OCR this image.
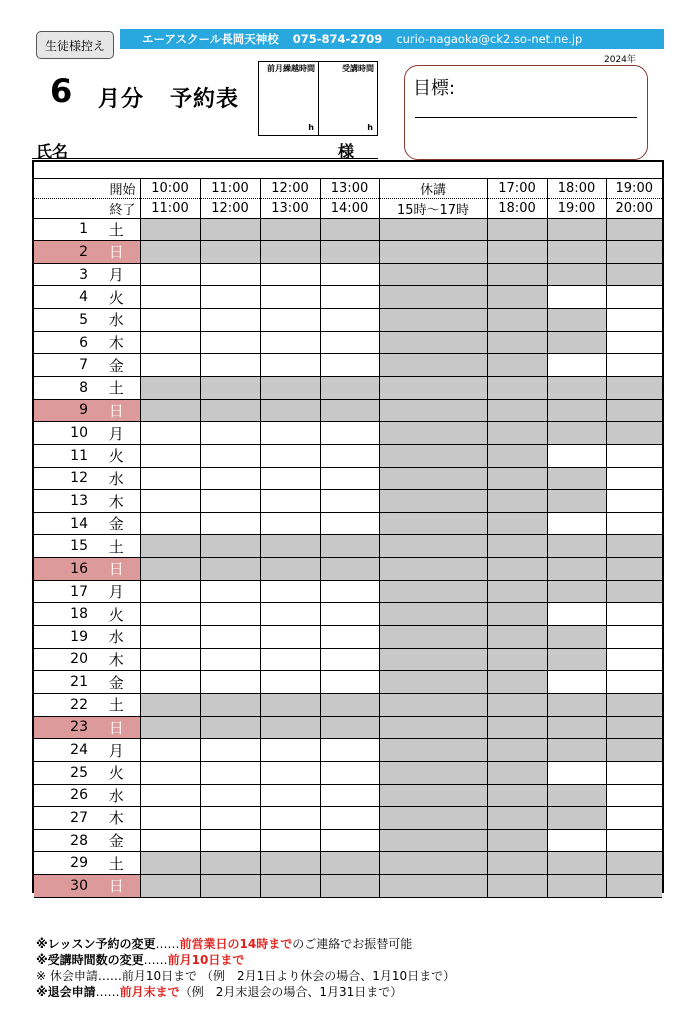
生徒様控え	エーアスクール長岡天神校 075-874-2709 curio-nagaoka@ck2.so-net.ne.jp
2024年
6 月分 予約表
前月繰越時間
h
受講時間
h
目標:
氏名	様

	開始	10:00	11:00	12:00	13:00	休講	17:00	18:00	19:00
	終了	11:00	12:00	13:00	14:00	15時～17時	18:00	19:00	20:00
1	土								
2	日								
3	月								
4	火								
5	水								
6	木								
7	金								
8	土								
9	日								
10	月								
11	火								
12	水								
13	木								
14	金								
15	土								
16	日								
17	月								
18	火								
19	水								
20	木								
21	金								
22	土								
23	日								
24	月								
25	火								
26	水								
27	木								
28	金								
29	土								
30	日								
※レッスン予約の変更……前営業日の14時までのご連絡でお振替可能
※受講時間数の変更……前月10日まで
※ 休会申請……前月10日まで （例　2月1日より休会の場合、1月10日まで）
※退会申請……前月末まで（例　2月末退会の場合、1月31日まで）
